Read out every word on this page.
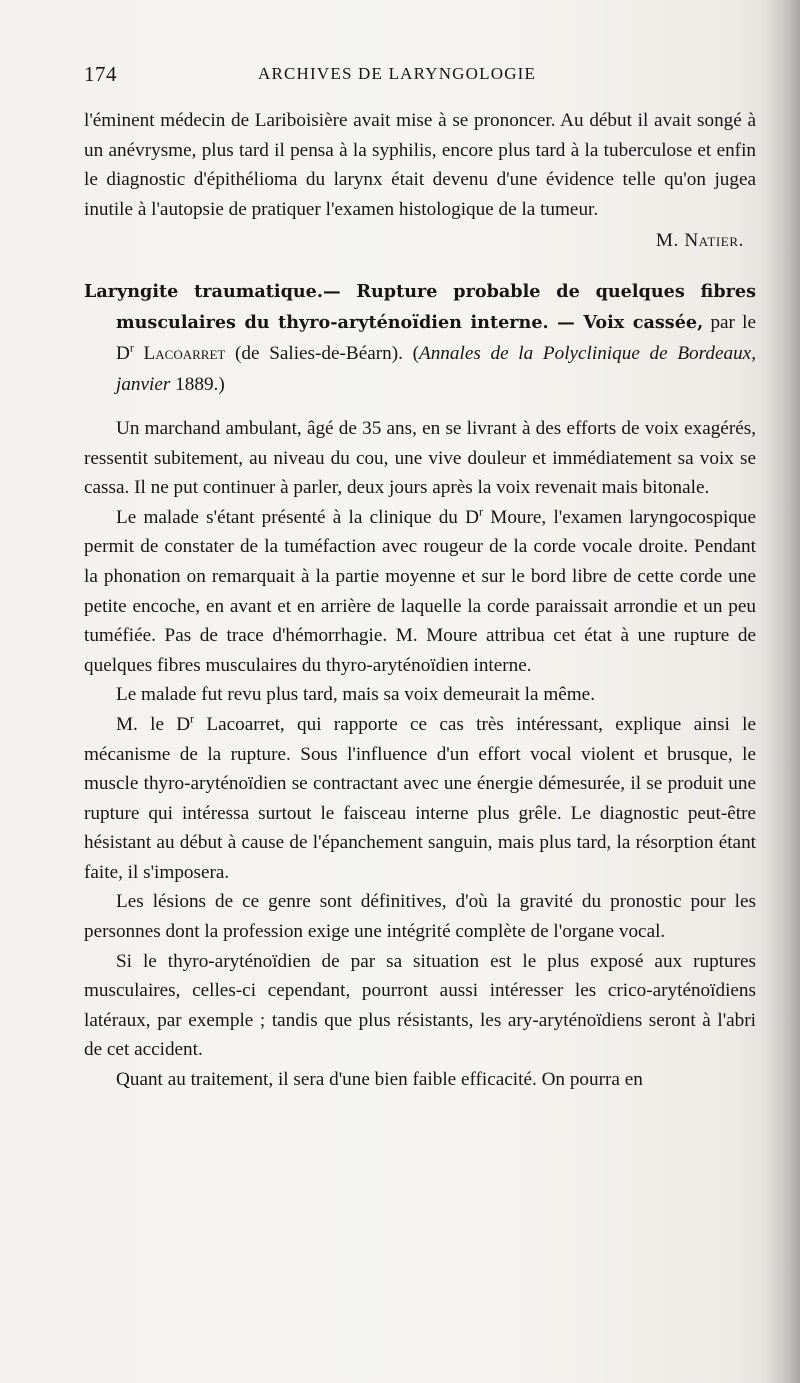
174	ARCHIVES DE LARYNGOLOGIE

l'éminent médecin de Lariboisière avait mise à se prononcer. Au début il avait songé à un anévrysme, plus tard il pensa à la syphilis, encore plus tard à la tuberculose et enfin le diagnostic d'épithélioma du larynx était devenu d'une évidence telle qu'on jugea inutile à l'autopsie de pratiquer l'examen histologique de la tumeur.

M. Natier.

Laryngite traumatique.— Rupture probable de quelques fibres musculaires du thyro-aryténoïdien interne. — Voix cassée, par le $D^r$ Lacoarret (de Salies-de-Béarn). (Annales de la Polyclinique de Bordeaux, janvier 1889.)

Un marchand ambulant, âgé de 35 ans, en se livrant à des efforts de voix exagérés, ressentit subitement, au niveau du cou, une vive douleur et immédiatement sa voix se cassa. Il ne put continuer à parler, deux jours après la voix revenait mais bitonale.

Le malade s'étant présenté à la clinique du $D^r$ Moure, l'examen laryngocospique permit de constater de la tuméfaction avec rougeur de la corde vocale droite. Pendant la phonation on remarquait à la partie moyenne et sur le bord libre de cette corde une petite encoche, en avant et en arrière de laquelle la corde paraissait arrondie et un peu tuméfiée. Pas de trace d'hémorrhagie. M. Moure attribua cet état à une rupture de quelques fibres musculaires du thyro-aryténoïdien interne.

Le malade fut revu plus tard, mais sa voix demeurait la même.

M. le $D^r$ Lacoarret, qui rapporte ce cas très intéressant, explique ainsi le mécanisme de la rupture. Sous l'influence d'un effort vocal violent et brusque, le muscle thyro-aryténoïdien se contractant avec une énergie démesurée, il se produit une rupture qui intéressa surtout le faisceau interne plus grêle. Le diagnostic peut-être hésistant au début à cause de l'épanchement sanguin, mais plus tard, la résorption étant faite, il s'imposera.

Les lésions de ce genre sont définitives, d'où la gravité du pronostic pour les personnes dont la profession exige une intégrité complète de l'organe vocal.

Si le thyro-aryténoïdien de par sa situation est le plus exposé aux ruptures musculaires, celles-ci cependant, pourront aussi intéresser les crico-aryténoïdiens latéraux, par exemple ; tandis que plus résistants, les ary-aryténoïdiens seront à l'abri de cet accident.

Quant au traitement, il sera d'une bien faible efficacité. On pourra en
